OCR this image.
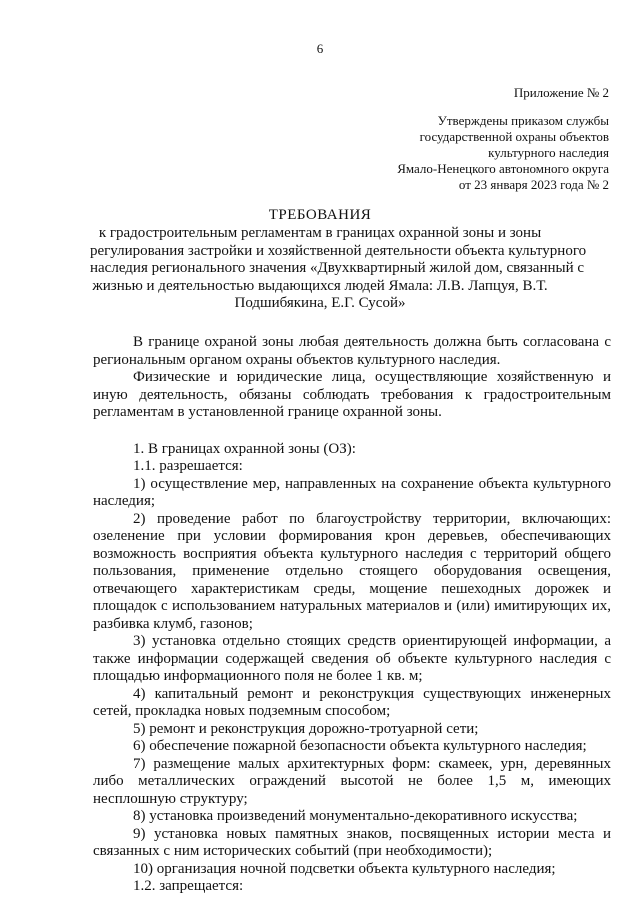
6
Приложение № 2
Утверждены приказом службы
государственной охраны объектов
культурного наследия
Ямало-Ненецкого автономного округа
от 23 января 2023 года № 2
ТРЕБОВАНИЯ
к градостроительным регламентам в границах охранной зоны и зоны
регулирования застройки и хозяйственной деятельности объекта культурного
наследия регионального значения «Двухквартирный жилой дом, связанный с
жизнью и деятельностью выдающихся людей Ямала: Л.В. Лапцуя, В.Т.
Подшибякина, Е.Г. Сусой»

В границе охраной зоны любая деятельность должна быть согласована с региональным органом охраны объектов культурного наследия.

Физические и юридические лица, осуществляющие хозяйственную и иную деятельность, обязаны соблюдать требования к градостроительным регламентам в установленной границе охранной зоны.

1. В границах охранной зоны (ОЗ):

1.1. разрешается:

1) осуществление мер, направленных на сохранение объекта культурного наследия;

2) проведение работ по благоустройству территории, включающих: озеленение при условии формирования крон деревьев, обеспечивающих возможность восприятия объекта культурного наследия с территорий общего пользования, применение отдельно стоящего оборудования освещения, отвечающего характеристикам среды, мощение пешеходных дорожек и площадок с использованием натуральных материалов и (или) имитирующих их, разбивка клумб, газонов;

3) установка отдельно стоящих средств ориентирующей информации, а также информации содержащей сведения об объекте культурного наследия с площадью информационного поля не более 1 кв. м;

4) капитальный ремонт и реконструкция существующих инженерных сетей, прокладка новых подземным способом;

5) ремонт и реконструкция дорожно-тротуарной сети;

6) обеспечение пожарной безопасности объекта культурного наследия;

7) размещение малых архитектурных форм: скамеек, урн, деревянных либо металлических ограждений высотой не более 1,5 м, имеющих несплошную структуру;

8) установка произведений монументально-декоративного искусства;

9) установка новых памятных знаков, посвященных истории места и связанных с ним исторических событий (при необходимости);

10) организация ночной подсветки объекта культурного наследия;

1.2. запрещается:
